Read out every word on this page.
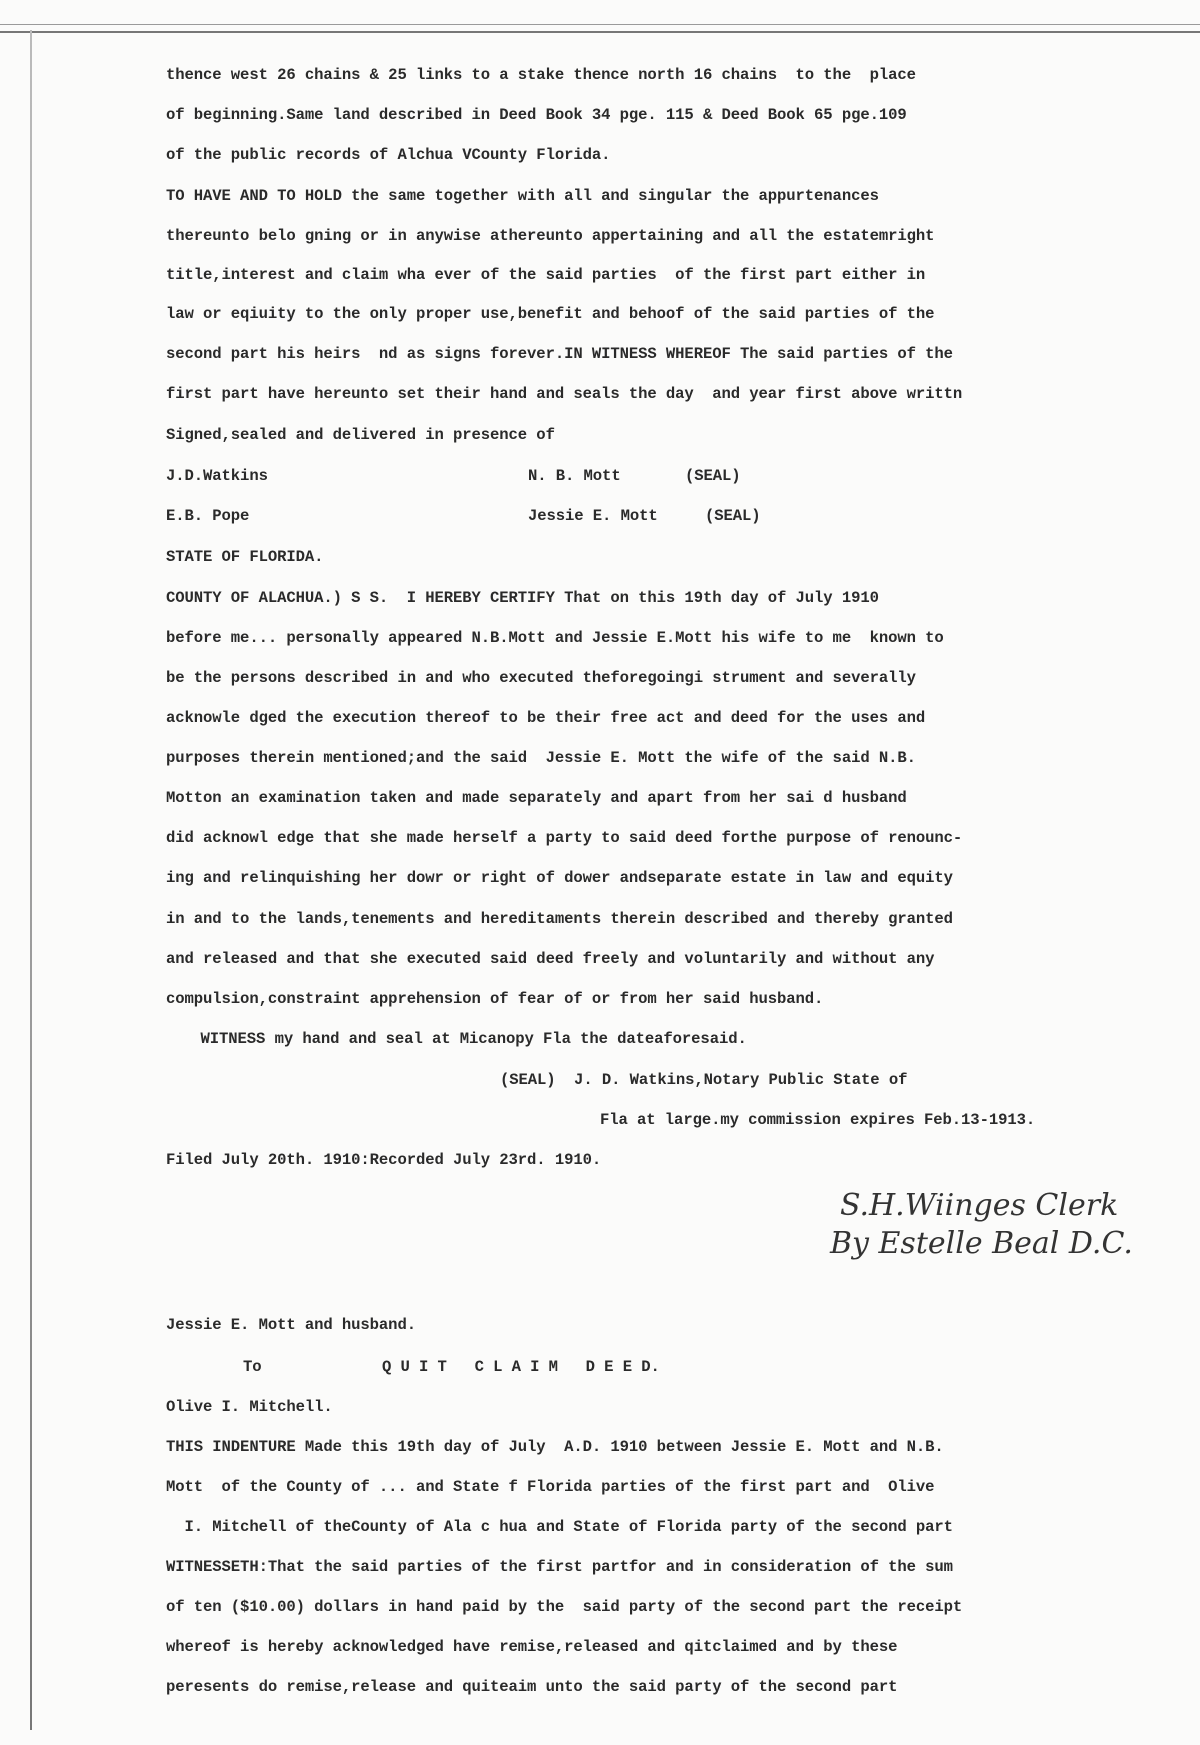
thence west 26 chains & 25 links to a stake thence north 16 chains  to the  place
of beginning.Same land described in Deed Book 34 pge. 115 & Deed Book 65 pge.109
of the public records of Alchua VCounty Florida.
TO HAVE AND TO HOLD the same together with all and singular the appurtenances
thereunto belo gning or in anywise athereunto appertaining and all the estatemright
title,interest and claim wha ever of the said parties  of the first part either in
law or eqiuity to the only proper use,benefit and behoof of the said parties of the
second part his heirs  nd as signs forever.IN WITNESS WHEREOF The said parties of the
first part have hereunto set their hand and seals the day  and year first above writtn
Signed,sealed and delivered in presence of
J.D.Watkins	N. B. Mott	(SEAL)
E.B. Pope	Jessie E. Mott	(SEAL)
STATE OF FLORIDA.
COUNTY OF ALACHUA.) S S.  I HEREBY CERTIFY That on this 19th day of July 1910
before me... personally appeared N.B.Mott and Jessie E.Mott his wife to me  known to
be the persons described in and who executed theforegoingi strument and severally
acknowle dged the execution thereof to be their free act and deed for the uses and
purposes therein mentioned;and the said  Jessie E. Mott the wife of the said N.B.
Motton an examination taken and made separately and apart from her sai d husband
did acknowl edge that she made herself a party to said deed forthe purpose of renounc-
ing and relinquishing her dowr or right of dower andseparate estate in law and equity
in and to the lands,tenements and hereditaments therein described and thereby granted
and released and that she executed said deed freely and voluntarily and without any
compulsion,constraint apprehension of fear of or from her said husband.
WITNESS my hand and seal at Micanopy Fla the dateaforesaid.
(SEAL)  J. D. Watkins,Notary Public State of
Fla at large.my commission expires Feb.13-1913.
Filed July 20th. 1910:Recorded July 23rd. 1910.
S.H.Wiinges Clerk
By Estelle Beal D.C.
Jessie E. Mott and husband.
To	Q U I T   C L A I M   D E E D.
Olive I. Mitchell.
THIS INDENTURE Made this 19th day of July  A.D. 1910 between Jessie E. Mott and N.B.
Mott  of the County of ... and State f Florida parties of the first part and  Olive
I. Mitchell of theCounty of Ala c hua and State of Florida party of the second part
WITNESSETH:That the said parties of the first partfor and in consideration of the sum
of ten ($10.00) dollars in hand paid by the  said party of the second part the receipt
whereof is hereby acknowledged have remise,released and qitclaimed and by these
peresents do remise,release and quiteaim unto the said party of the second part
